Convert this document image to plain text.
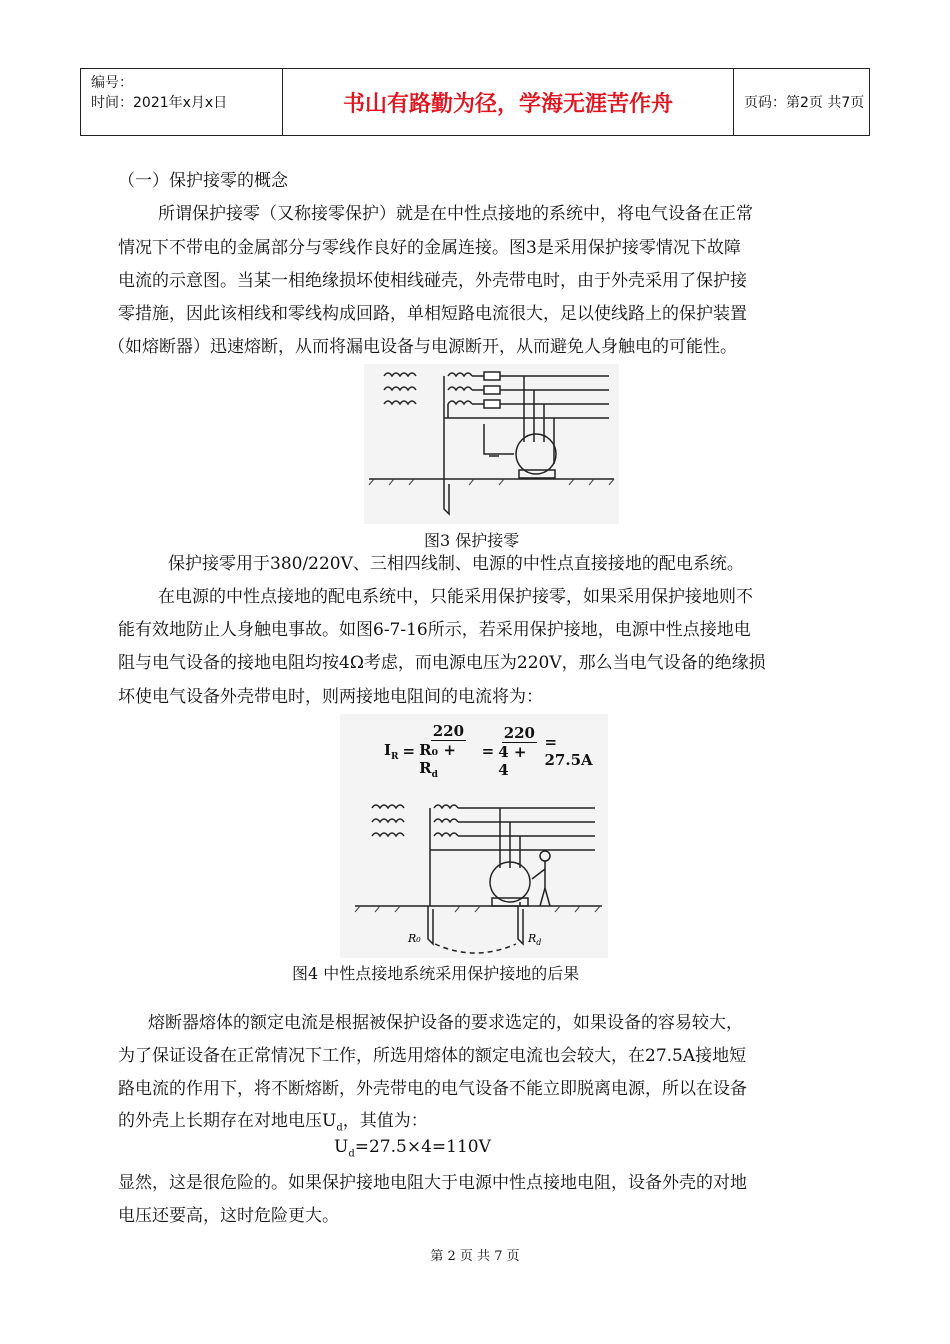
编号：
时间：2021年x月x日	书山有路勤为径，学海无涯苦作舟	页码：第2页 共7页
（一）保护接零的概念
所谓保护接零（又称接零保护）就是在中性点接地的系统中，将电气设备在正常
情况下不带电的金属部分与零线作良好的金属连接。图3是采用保护接零情况下故障
电流的示意图。当某一相绝缘损坏使相线碰壳，外壳带电时，由于外壳采用了保护接
零措施，因此该相线和零线构成回路，单相短路电流很大，足以使线路上的保护装置
（如熔断器）迅速熔断，从而将漏电设备与电源断开，从而避免人身触电的可能性。
图3 保护接零
保护接零用于380/220V、三相四线制、电源的中性点直接接地的配电系统。
在电源的中性点接地的配电系统中，只能采用保护接零，如果采用保护接地则不
能有效地防止人身触电事故。如图6-7-16所示，若采用保护接地，电源中性点接地电
阻与电气设备的接地电阻均按4Ω考虑，而电源电压为220V，那么当电气设备的绝缘损
坏使电气设备外壳带电时，则两接地电阻间的电流将为：
$I_R = \frac{220}{R_0 + R_d} = \frac{220}{4 + 4} = 27.5A$
R₀	$R_d$
图4 中性点接地系统采用保护接地的后果
熔断器熔体的额定电流是根据被保护设备的要求选定的，如果设备的容易较大，
为了保证设备在正常情况下工作，所选用熔体的额定电流也会较大，在27.5A接地短
路电流的作用下，将不断熔断，外壳带电的电气设备不能立即脱离电源，所以在设备
的外壳上长期存在对地电压$U_d$，其值为：
$U_d=27.5\times 4=110V$
显然，这是很危险的。如果保护接地电阻大于电源中性点接地电阻，设备外壳的对地
电压还要高，这时危险更大。
第 2 页 共 7 页
